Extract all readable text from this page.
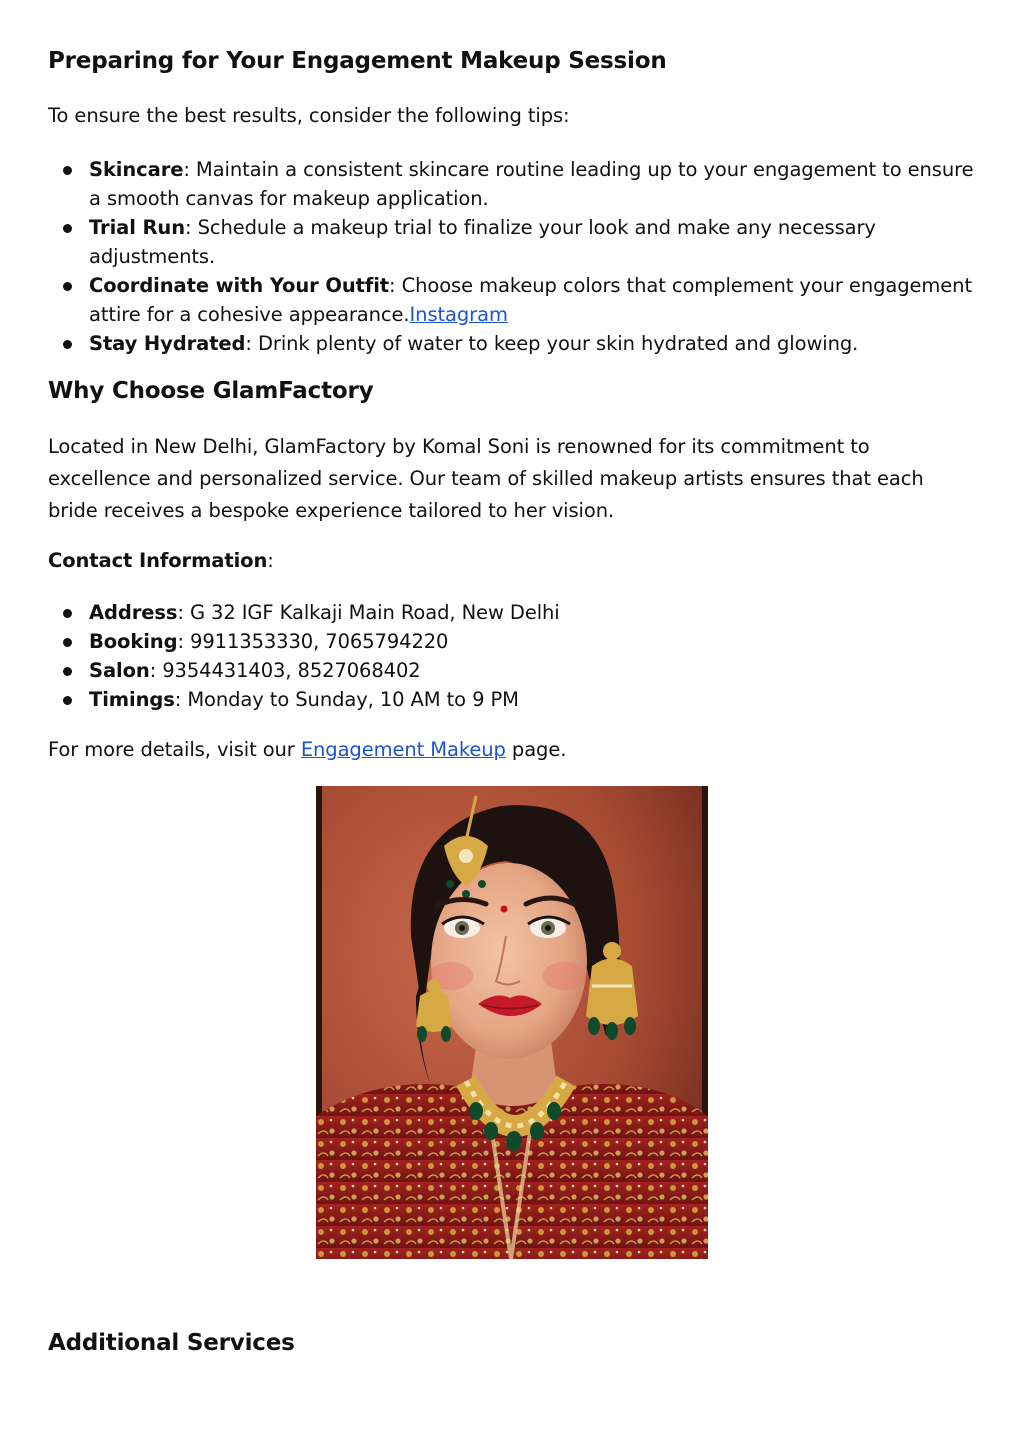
Preparing for Your Engagement Makeup Session

To ensure the best results, consider the following tips:

Skincare: Maintain a consistent skincare routine leading up to your engagement to ensure a smooth canvas for makeup application.
Trial Run: Schedule a makeup trial to finalize your look and make any necessary adjustments.
Coordinate with Your Outfit: Choose makeup colors that complement your engagement attire for a cohesive appearance.Instagram
Stay Hydrated: Drink plenty of water to keep your skin hydrated and glowing.
Why Choose GlamFactory

Located in New Delhi, GlamFactory by Komal Soni is renowned for its commitment to excellence and personalized service. Our team of skilled makeup artists ensures that each bride receives a bespoke experience tailored to her vision.

Contact Information:

Address: G 32 IGF Kalkaji Main Road, New Delhi
Booking: 9911353330, 7065794220
Salon: 9354431403, 8527068402
Timings: Monday to Sunday, 10 AM to 9 PM

For more details, visit our Engagement Makeup page.

Additional Services
